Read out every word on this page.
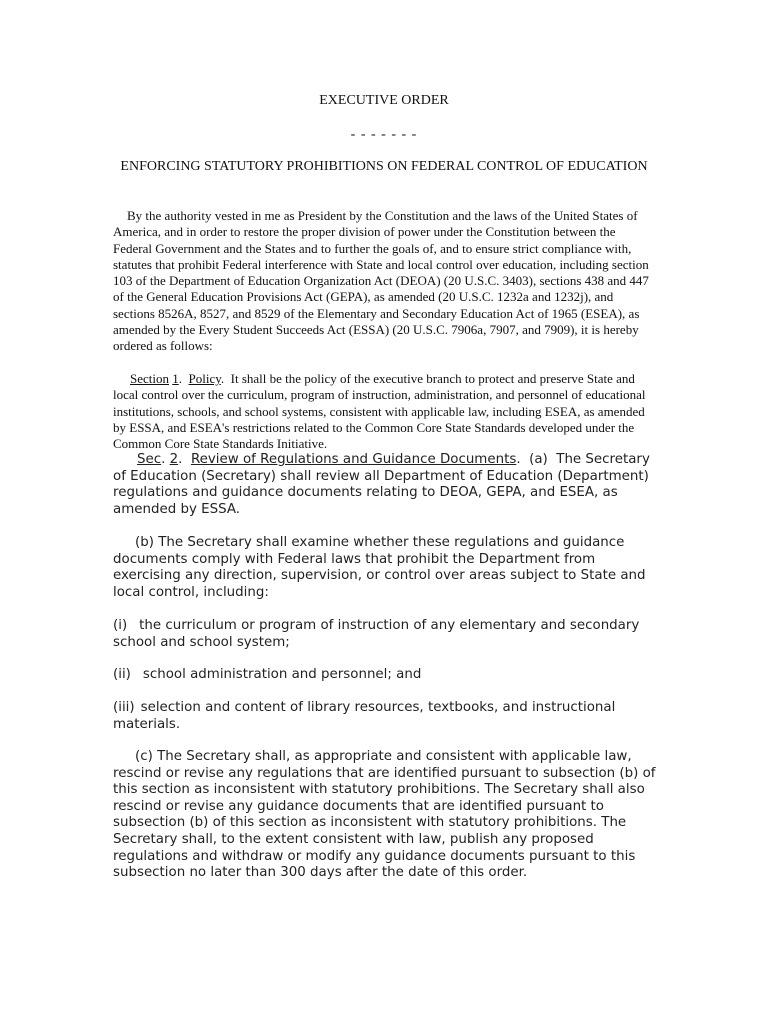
EXECUTIVE ORDER
- - - - - - -
ENFORCING STATUTORY PROHIBITIONS ON FEDERAL CONTROL OF EDUCATION
By the authority vested in me as President by the Constitution and the laws of the United States of America, and in order to restore the proper division of power under the Constitution between the Federal Government and the States and to further the goals of, and to ensure strict compliance with, statutes that prohibit Federal interference with State and local control over education, including section 103 of the Department of Education Organization Act (DEOA) (20 U.S.C. 3403), sections 438 and 447 of the General Education Provisions Act (GEPA), as amended (20 U.S.C. 1232a and 1232j), and sections 8526A, 8527, and 8529 of the Elementary and Secondary Education Act of 1965 (ESEA), as amended by the Every Student Succeeds Act (ESSA) (20 U.S.C. 7906a, 7907, and 7909), it is hereby ordered as follows:
Section 1.  Policy.  It shall be the policy of the executive branch to protect and preserve State and local control over the curriculum, program of instruction, administration, and personnel of educational institutions, schools, and school systems, consistent with applicable law, including ESEA, as amended by ESSA, and ESEA's restrictions related to the Common Core State Standards developed under the Common Core State Standards Initiative.
Sec. 2.  Review of Regulations and Guidance Documents.  (a) The Secretary of Education (Secretary) shall review all Department of Education (Department) regulations and guidance documents relating to DEOA, GEPA, and ESEA, as amended by ESSA.
(b) The Secretary shall examine whether these regulations and guidance documents comply with Federal laws that prohibit the Department from exercising any direction, supervision, or control over areas subject to State and local control, including:
(i) the curriculum or program of instruction of any elementary and secondary school and school system;
(ii) school administration and personnel; and
(iii) selection and content of library resources, textbooks, and instructional materials.
(c) The Secretary shall, as appropriate and consistent with applicable law, rescind or revise any regulations that are identified pursuant to subsection (b) of this section as inconsistent with statutory prohibitions. The Secretary shall also rescind or revise any guidance documents that are identified pursuant to subsection (b) of this section as inconsistent with statutory prohibitions. The Secretary shall, to the extent consistent with law, publish any proposed regulations and withdraw or modify any guidance documents pursuant to this subsection no later than 300 days after the date of this order.
